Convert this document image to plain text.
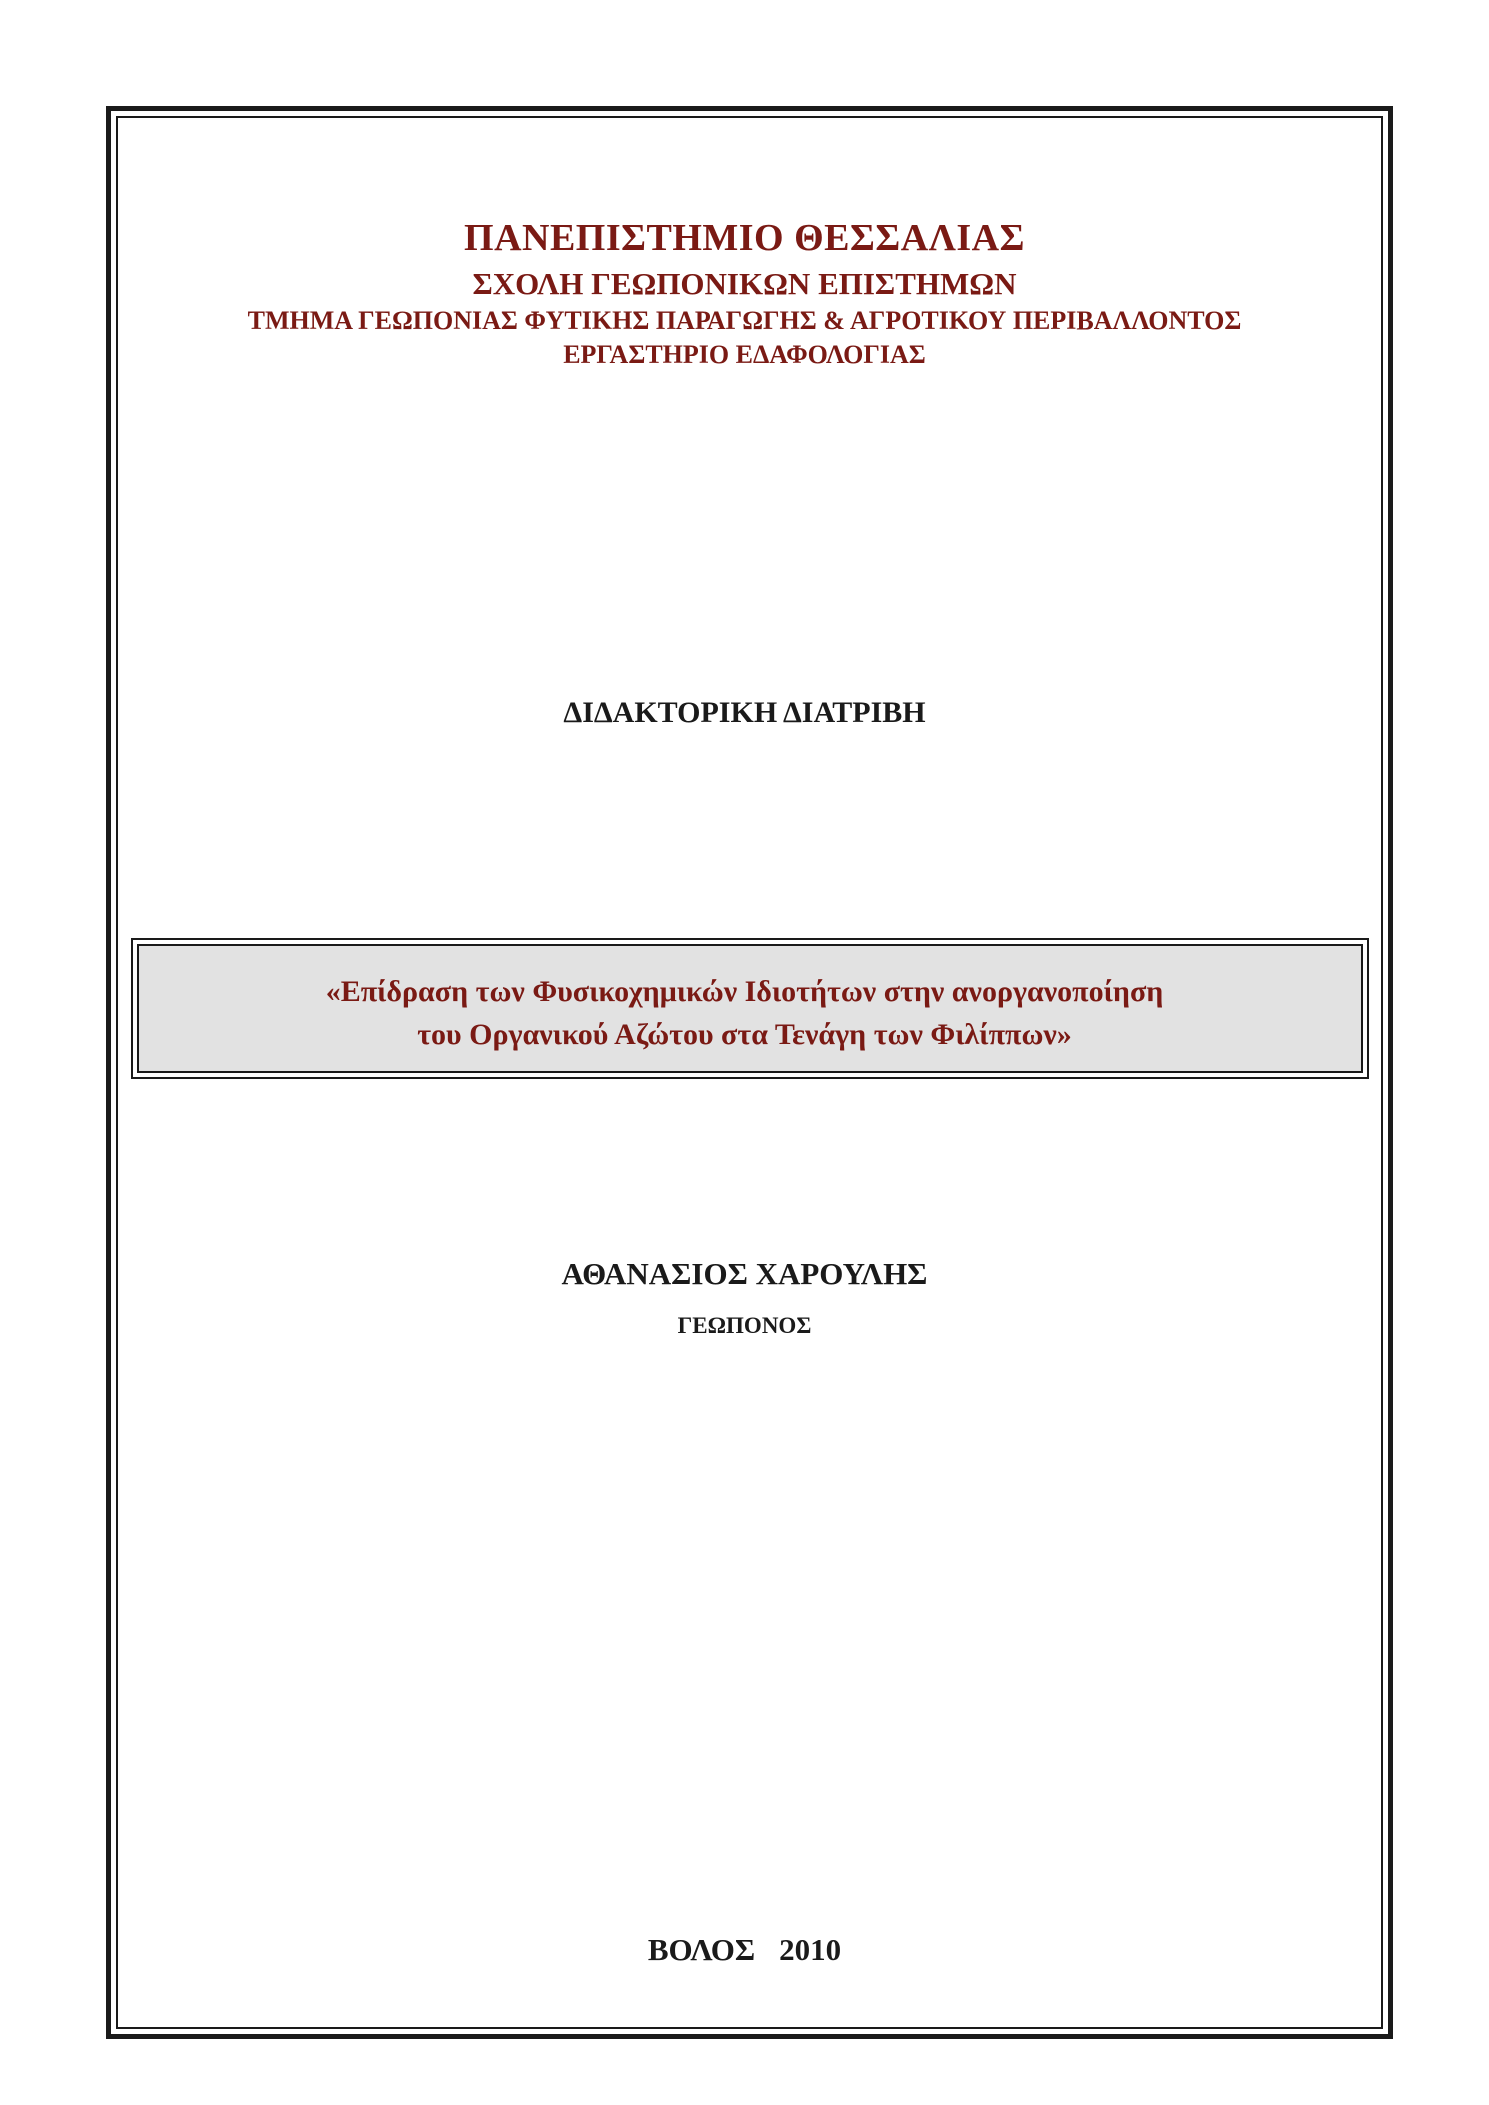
ΠΑΝΕΠΙΣΤΗΜΙΟ ΘΕΣΣΑΛΙΑΣ
ΣΧΟΛΗ ΓΕΩΠΟΝΙΚΩΝ ΕΠΙΣΤΗΜΩΝ
ΤΜΗΜΑ ΓΕΩΠΟΝΙΑΣ ΦΥΤΙΚΗΣ ΠΑΡΑΓΩΓΗΣ & ΑΓΡΟΤΙΚΟΥ ΠΕΡΙΒΑΛΛΟΝΤΟΣ
ΕΡΓΑΣΤΗΡΙΟ ΕΔΑΦΟΛΟΓΙΑΣ
ΔΙΔΑΚΤΟΡΙΚΗ ΔΙΑΤΡΙΒΗ
«Επίδραση των Φυσικοχημικών Ιδιοτήτων στην ανοργανοποίηση
του Οργανικού Αζώτου στα Τενάγη των Φιλίππων»
ΑΘΑΝΑΣΙΟΣ ΧΑΡΟΥΛΗΣ
ΓΕΩΠΟΝΟΣ
ΒΟΛΟΣ 2010
